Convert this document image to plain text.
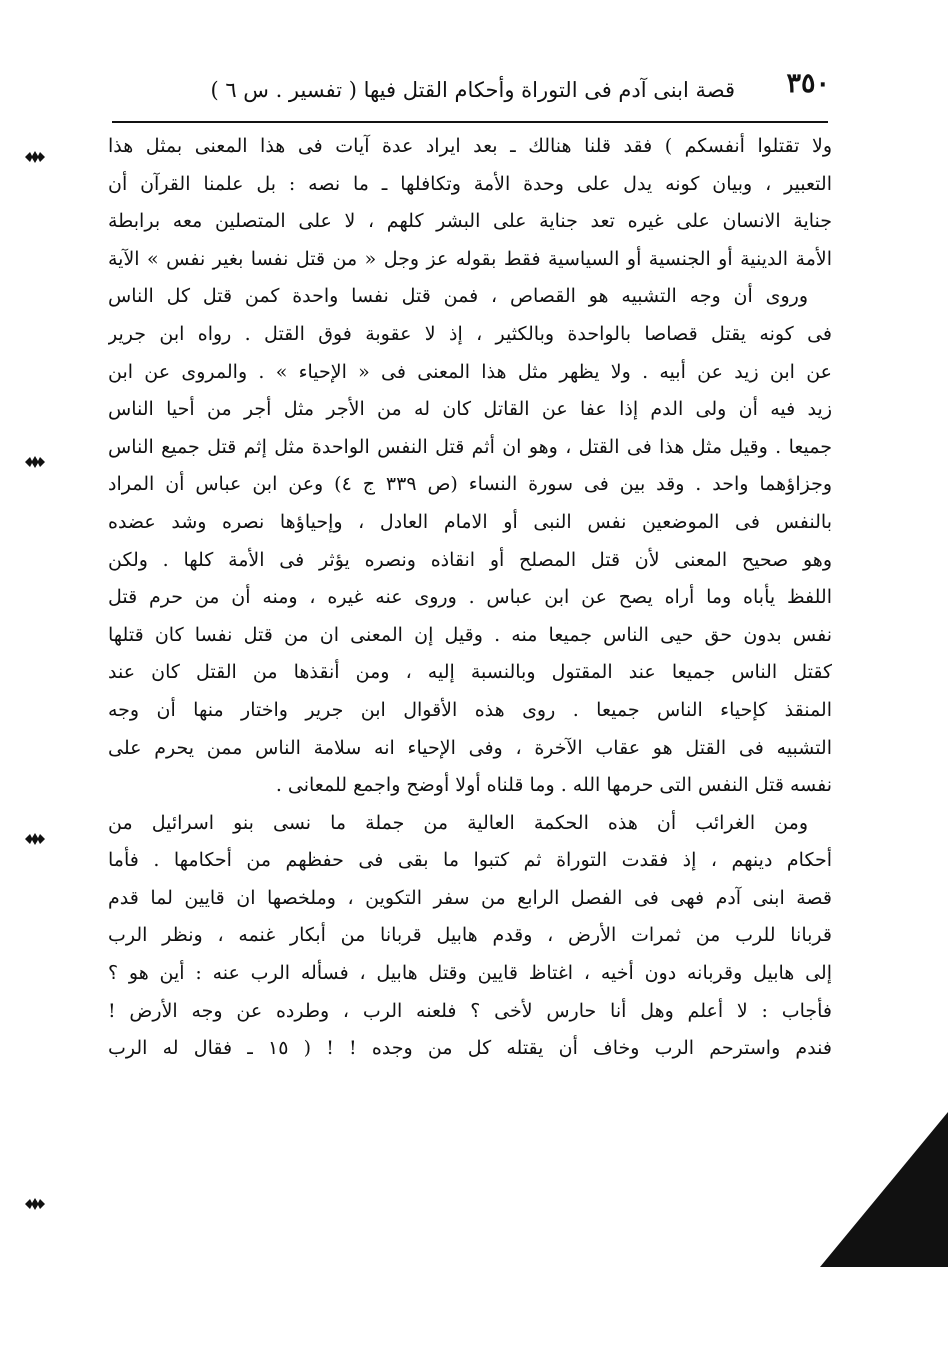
٣٥٠
قصة ابنى آدم فى التوراة وأحكام القتل فيها ( تفسير . س ٦ )
ولا تقتلوا أنفسكم ) فقد قلنا هنالك ـ بعد ايراد عدة آيات فى هذا المعنى بمثل هذا
التعبير ، وبيان كونه يدل على وحدة الأمة وتكافلها ـ ما نصه : بل علمنا القرآن أن
جناية الانسان على غيره تعد جناية على البشر كلهم ، لا على المتصلين معه برابطة
الأمة الدينية أو الجنسية أو السياسية فقط بقوله عز وجل « من قتل نفسا بغير نفس » الآية
وروى أن وجه التشبيه هو القصاص ، فمن قتل نفسا واحدة كمن قتل كل الناس
فى كونه يقتل قصاصا بالواحدة وبالكثير ، إذ لا عقوبة فوق القتل . رواه ابن جرير
عن ابن زيد عن أبيه . ولا يظهر مثل هذا المعنى فى « الإحياء » . والمروى عن ابن
زيد فيه أن ولى الدم إذا عفا عن القاتل كان له من الأجر مثل أجر من أحيا الناس
جميعا . وقيل مثل هذا فى القتل ، وهو ان أثم قتل النفس الواحدة مثل إثم قتل جميع الناس
وجزاؤهما واحد . وقد بين فى سورة النساء (ص ٣٣٩ ج ٤) وعن ابن عباس أن المراد
بالنفس فى الموضعين نفس النبى أو الامام العادل ، وإحياؤها نصره وشد عضده
وهو صحيح المعنى لأن قتل المصلح أو انقاذه ونصره يؤثر فى الأمة كلها . ولكن
اللفظ يأباه وما أراه يصح عن ابن عباس . وروى عنه غيره ، ومنه أن من حرم قتل
نفس بدون حق حيى الناس جميعا منه . وقيل إن المعنى ان من قتل نفسا كان قتلها
كقتل الناس جميعا عند المقتول وبالنسبة إليه ، ومن أنقذها من القتل كان عند
المنقذ كإحياء الناس جميعا . روى هذه الأقوال ابن جرير واختار منها أن وجه
التشبيه فى القتل هو عقاب الآخرة ، وفى الإحياء انه سلامة الناس ممن يحرم على
نفسه قتل النفس التى حرمها الله . وما قلناه أولا أوضح واجمع للمعانى .
ومن الغرائب أن هذه الحكمة العالية من جملة ما نسى بنو اسرائيل من
أحكام دينهم ، إذ فقدت التوراة ثم كتبوا ما بقى فى حفظهم من أحكامها . فأما
قصة ابنى آدم فهى فى الفصل الرابع من سفر التكوين ، وملخصها ان قايين لما قدم
قربانا للرب من ثمرات الأرض ، وقدم هابيل قربانا من أبكار غنمه ، ونظر الرب
إلى هابيل وقربانه دون أخيه ، اغتاظ قايين وقتل هابيل ، فسأله الرب عنه : أين هو ؟
فأجاب : لا أعلم وهل أنا حارس لأخى ؟ فلعنه الرب ، وطرده عن وجه الأرض !
فندم واسترحم الرب وخاف أن يقتله كل من وجده ! ! ( ١٥ ـ فقال له الرب
